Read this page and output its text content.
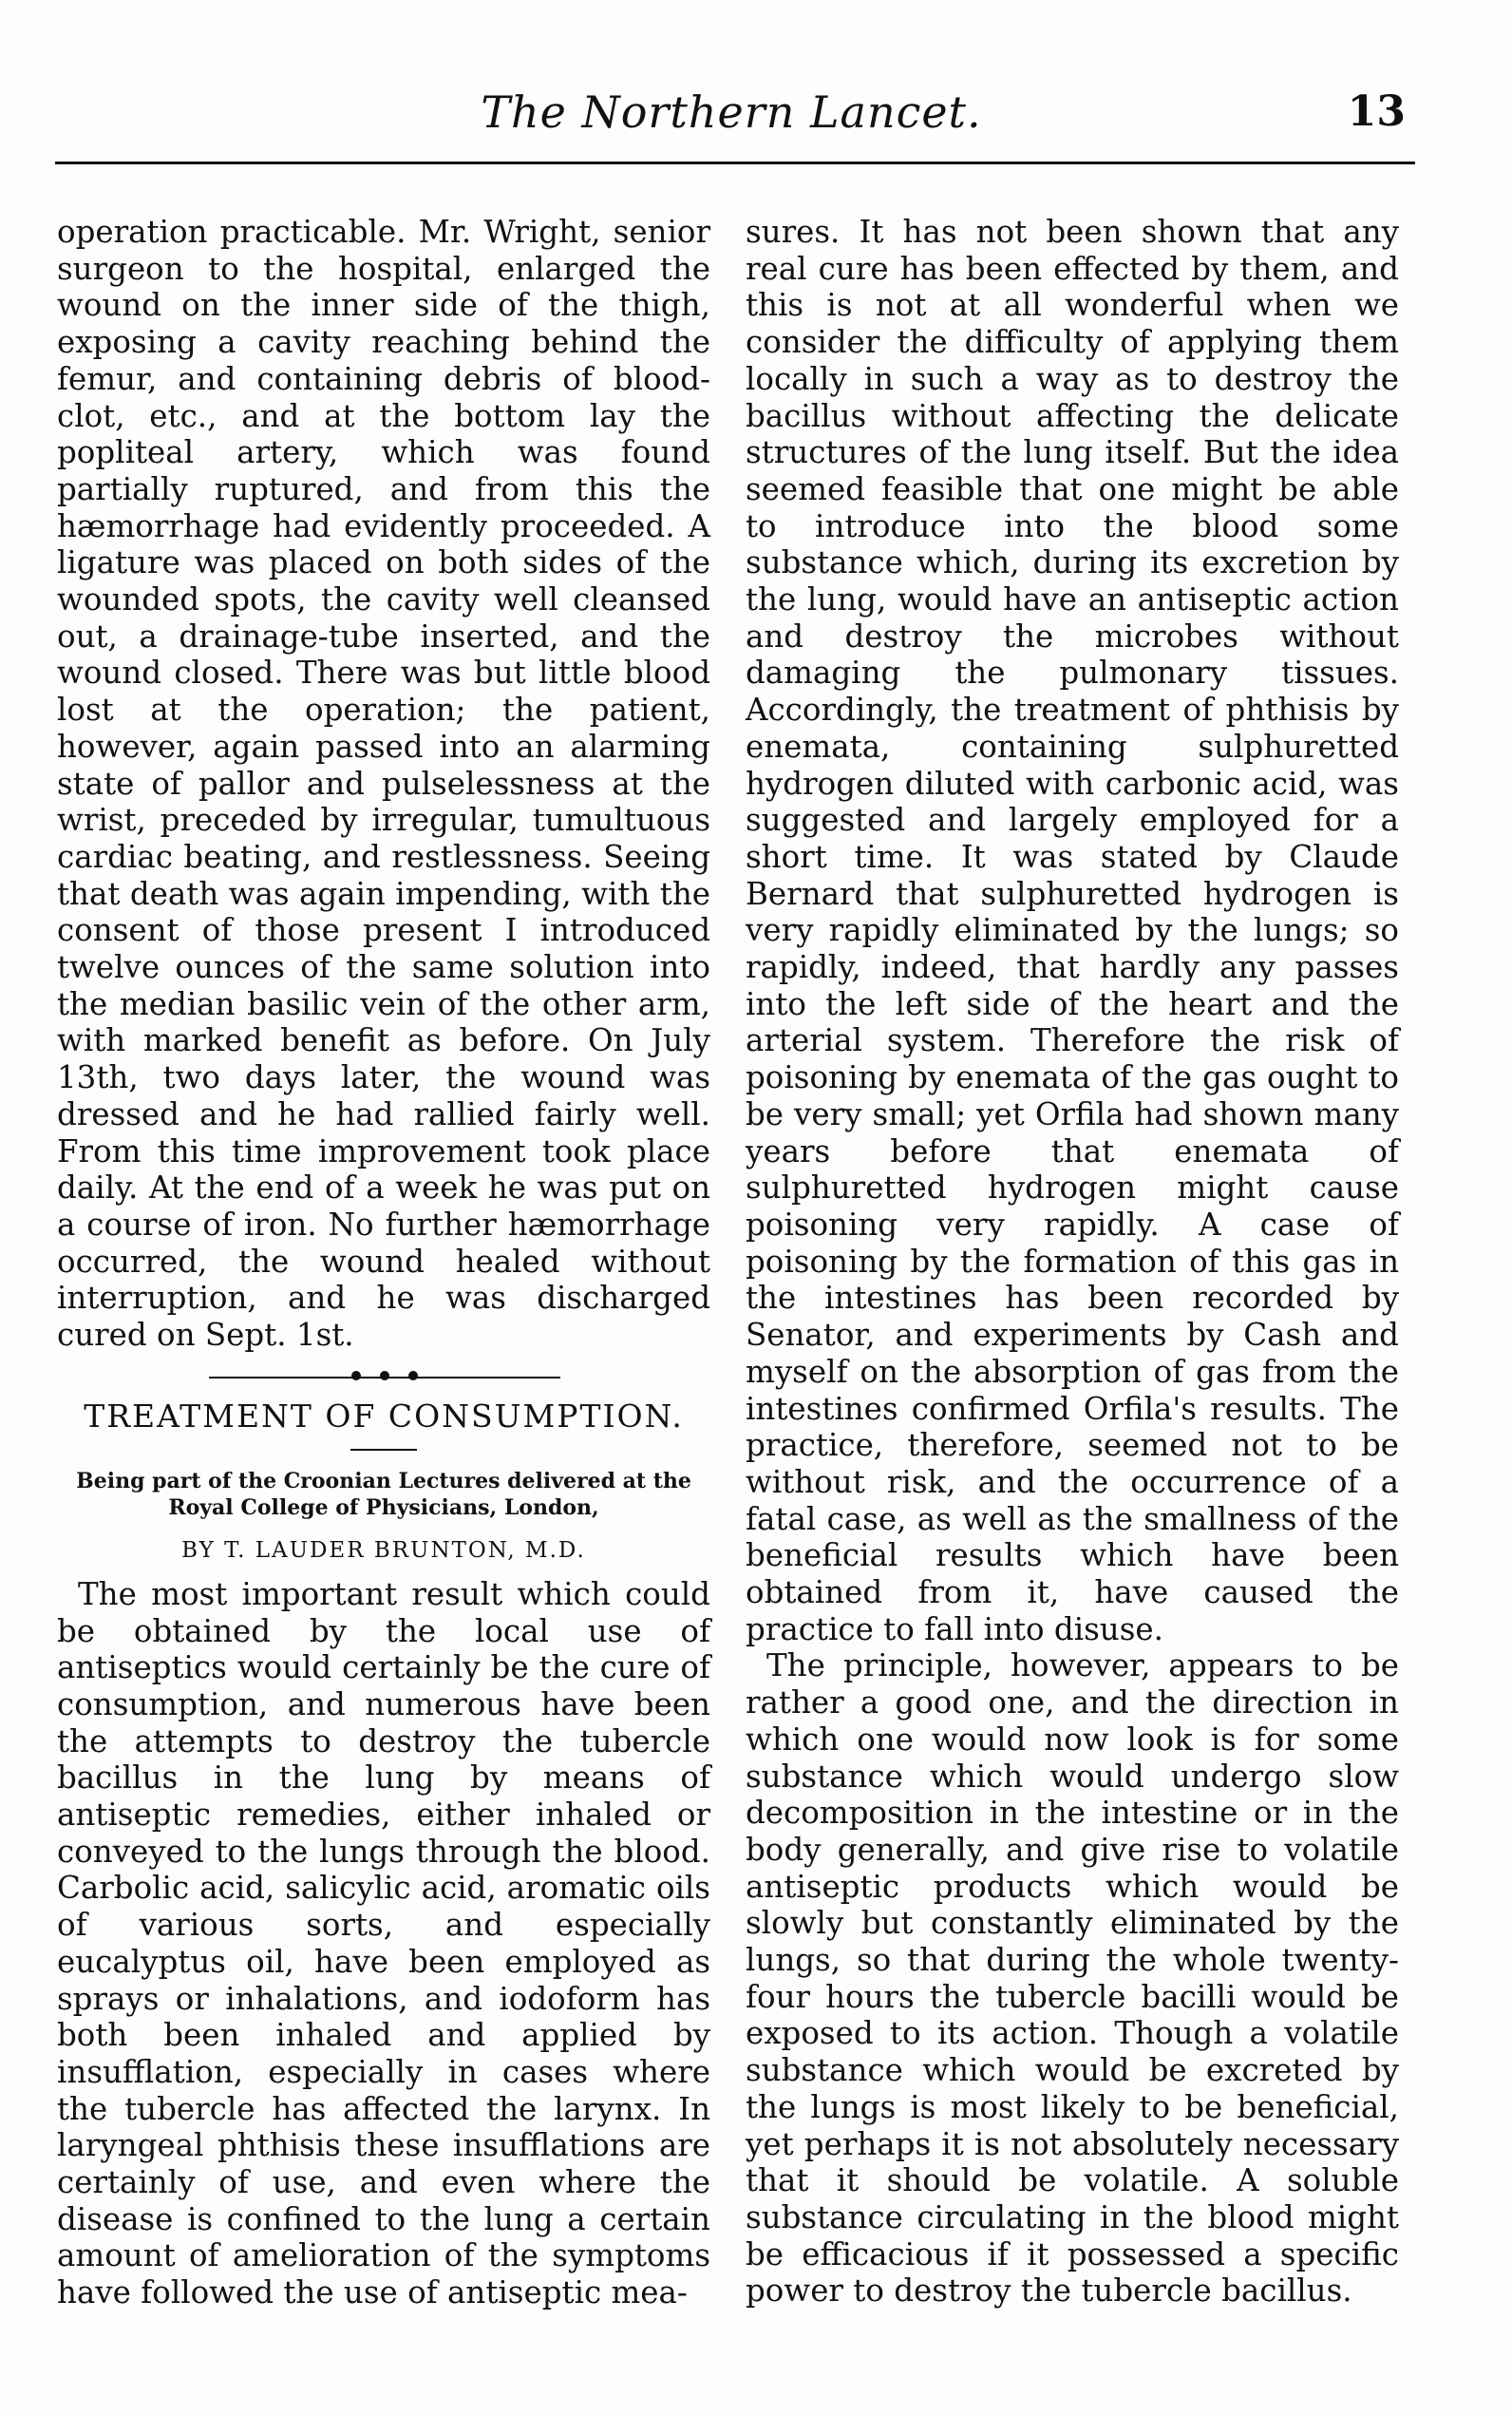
The Northern Lancet.	13

operation practicable. Mr. Wright, senior surgeon to the hospital, enlarged the wound on the inner side of the thigh, exposing a cavity reaching behind the femur, and containing debris of blood-clot, etc., and at the bottom lay the popliteal artery, which was found partially ruptured, and from this the hæmorrhage had evidently proceeded. A ligature was placed on both sides of the wounded spots, the cavity well cleansed out, a drainage-tube inserted, and the wound closed. There was but little blood lost at the operation; the patient, however, again passed into an alarming state of pallor and pulselessness at the wrist, preceded by irregular, tumultuous cardiac beating, and restlessness. Seeing that death was again impending, with the consent of those present I introduced twelve ounces of the same solution into the median basilic vein of the other arm, with marked benefit as before. On July 13th, two days later, the wound was dressed and he had rallied fairly well. From this time improvement took place daily. At the end of a week he was put on a course of iron. No further hæmorrhage occurred, the wound healed without interruption, and he was discharged cured on Sept. 1st.

TREATMENT OF CONSUMPTION.
Being part of the Croonian Lectures delivered at the Royal College of Physicians, London,
BY T. LAUDER BRUNTON, M.D.

The most important result which could be obtained by the local use of antiseptics would certainly be the cure of consumption, and numerous have been the attempts to destroy the tubercle bacillus in the lung by means of antiseptic remedies, either inhaled or conveyed to the lungs through the blood. Carbolic acid, salicylic acid, aromatic oils of various sorts, and especially eucalyptus oil, have been employed as sprays or inhalations, and iodoform has both been inhaled and applied by insufflation, especially in cases where the tubercle has affected the larynx. In laryngeal phthisis these insufflations are certainly of use, and even where the disease is confined to the lung a certain amount of amelioration of the symptoms have followed the use of antiseptic mea-

sures. It has not been shown that any real cure has been effected by them, and this is not at all wonderful when we consider the difficulty of applying them locally in such a way as to destroy the bacillus without affecting the delicate structures of the lung itself. But the idea seemed feasible that one might be able to introduce into the blood some substance which, during its excretion by the lung, would have an antiseptic action and destroy the microbes without damaging the pulmonary tissues. Accordingly, the treatment of phthisis by enemata, containing sulphuretted hydrogen diluted with carbonic acid, was suggested and largely employed for a short time. It was stated by Claude Bernard that sulphuretted hydrogen is very rapidly eliminated by the lungs; so rapidly, indeed, that hardly any passes into the left side of the heart and the arterial system. Therefore the risk of poisoning by enemata of the gas ought to be very small; yet Orfila had shown many years before that enemata of sulphuretted hydrogen might cause poisoning very rapidly. A case of poisoning by the formation of this gas in the intestines has been recorded by Senator, and experiments by Cash and myself on the absorption of gas from the intestines confirmed Orfila's results. The practice, therefore, seemed not to be without risk, and the occurrence of a fatal case, as well as the smallness of the beneficial results which have been obtained from it, have caused the practice to fall into disuse.

The principle, however, appears to be rather a good one, and the direction in which one would now look is for some substance which would undergo slow decomposition in the intestine or in the body generally, and give rise to volatile antiseptic products which would be slowly but constantly eliminated by the lungs, so that during the whole twenty-four hours the tubercle bacilli would be exposed to its action. Though a volatile substance which would be excreted by the lungs is most likely to be beneficial, yet perhaps it is not absolutely necessary that it should be volatile. A soluble substance circulating in the blood might be efficacious if it possessed a specific power to destroy the tubercle bacillus.
